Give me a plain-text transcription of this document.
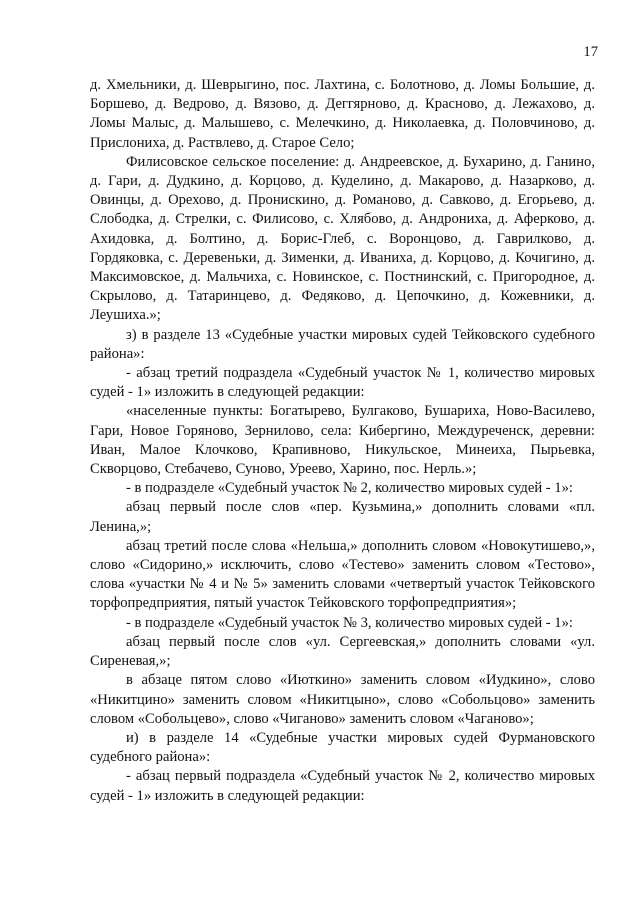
17

д. Хмельники, д. Шеврыгино, пос. Лахтина, с. Болотново, д. Ломы Большие, д. Боршево, д. Ведрово, д. Вязово, д. Деггярново, д. Красново, д. Лежахово, д. Ломы Малыс, д. Малышево, с. Мелечкино, д. Николаевка, д. Половчиново, д. Прислониха, д. Раствлево, д. Старое Село;

Филисовское сельское поселение: д. Андреевское, д. Бухарино, д. Ганино, д. Гари, д. Дудкино, д. Корцово, д. Куделино, д. Макарово, д. Назарково, д. Овинцы, д. Орехово, д. Пронискино, д. Романово, д. Савково, д. Егорьево, д. Слободка, д. Стрелки, с. Филисово, с. Хлябово, д. Андрониха, д. Аферково, д. Ахидовка, д. Болтино, д. Борис-Глеб, с. Воронцово, д. Гаврилково, д. Гордяковка, с. Деревеньки, д. Зименки, д. Иваниха, д. Корцово, д. Кочигино, д. Максимовское, д. Мальчиха, с. Новинское, с. Постнинский, с. Пригородное, д. Скрылово, д. Татаринцево, д. Федяково, д. Цепочкино, д. Кожевники, д. Леушиха.»;

з) в разделе 13 «Судебные участки мировых судей Тейковского судебного района»:

- абзац третий подраздела «Судебный участок № 1, количество мировых судей - 1» изложить в следующей редакции:

«населенные пункты: Богатырево, Булгаково, Бушариха, Ново-Василево, Гари, Новое Горяново, Зернилово, села: Кибергино, Междуреченск, деревни: Иван, Малое Клочково, Крапивново, Никульское, Минеиха, Пырьевка, Скворцово, Стебачево, Суново, Уреево, Харино, пос. Нерль.»;

- в подразделе «Судебный участок № 2, количество мировых судей - 1»:

абзац первый после слов «пер. Кузьмина,» дополнить словами «пл. Ленина,»;

абзац третий после слова «Нельша,» дополнить словом «Новокутишево,», слово «Сидорино,» исключить, слово «Тестево» заменить словом «Тестово», слова «участки № 4 и № 5» заменить словами «четвертый участок Тейковского торфопредприятия, пятый участок Тейковского торфопредприятия»;

- в подразделе «Судебный участок № 3, количество мировых судей - 1»:

абзац первый после слов «ул. Сергеевская,» дополнить словами «ул. Сиреневая,»;

в абзаце пятом слово «Июткино» заменить словом «Иудкино», слово «Никитцино» заменить словом «Никитцыно», слово «Собольцово» заменить словом «Собольцево», слово «Чиганово» заменить словом «Чаганово»;

и) в разделе 14 «Судебные участки мировых судей Фурмановского судебного района»:

- абзац первый подраздела «Судебный участок № 2, количество мировых судей - 1» изложить в следующей редакции:
